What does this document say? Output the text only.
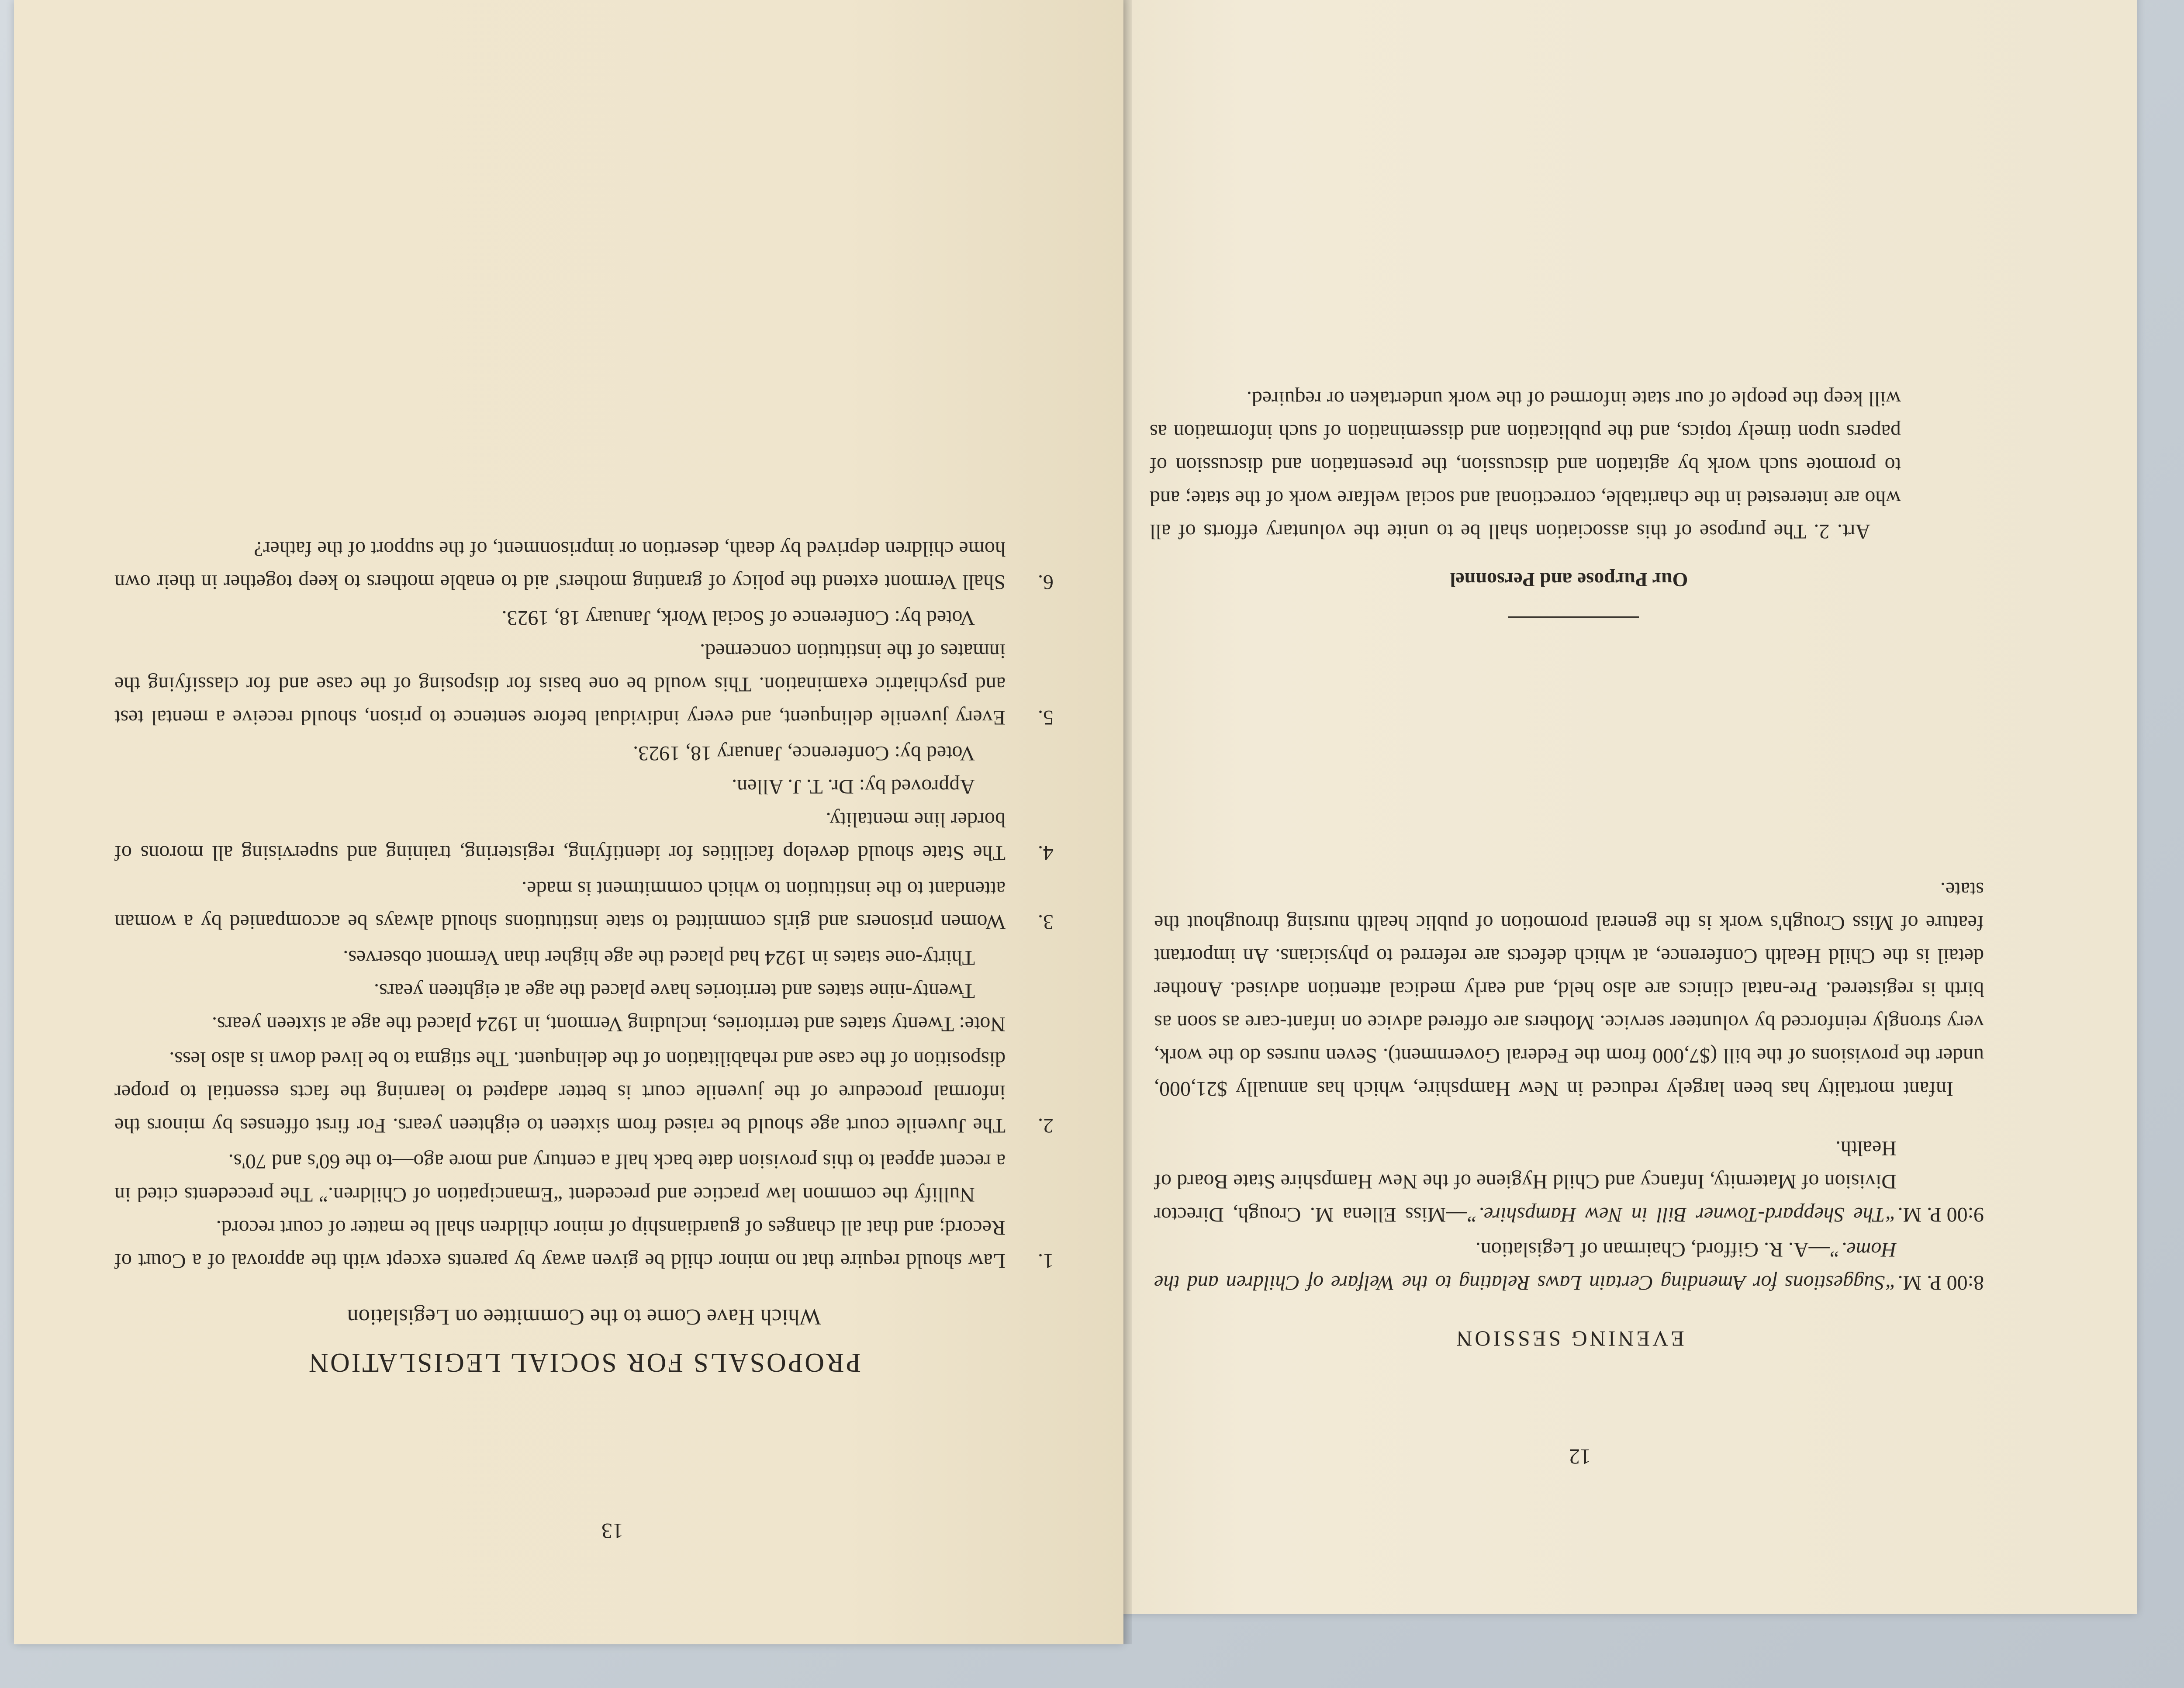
12
EVENING SESSION

8:00 P. M.“Suggestions for Amending Certain Laws Relating to the Welfare of Children and the Home.”—A. R. Gifford, Chairman of Legislation.

9:00 P. M.“The Sheppard-Towner Bill in New Hampshire.”—Miss Ellena M. Crough, Director Division of Maternity, Infancy and Child Hygiene of the New Hampshire State Board of Health.

Infant mortality has been largely reduced in New Hampshire, which has annually $21,000, under the provisions of the bill ($7,000 from the Federal Government). Seven nurses do the work, very strongly reinforced by volunteer service. Mothers are offered advice on infant-care as soon as birth is registered. Pre-natal clinics are also held, and early medical attention advised. Another detail is the Child Health Conference, at which defects are referred to physicians. An important feature of Miss Crough's work is the general promotion of public health nursing throughout the state.

Our Purpose and Personnel

Art. 2. The purpose of this association shall be to unite the voluntary efforts of all who are interested in the charitable, correctional and social welfare work of the state; and to promote such work by agitation and discussion, the presentation and discussion of papers upon timely topics, and the publication and dissemination of such information as will keep the people of our state informed of the work undertaken or required.

13
PROPOSALS FOR SOCIAL LEGISLATION
Which Have Come to the Committee on Legislation
1.

Law should require that no minor child be given away by parents except with the approval of a Court of Record; and that all changes of guardianship of minor children shall be matter of court record.

Nullify the common law practice and precedent “Emancipation of Children.” The precedents cited in a recent appeal to this provision date back half a century and more ago—to the 60's and 70's.

2.

The Juvenile court age should be raised from sixteen to eighteen years. For first offenses by minors the informal procedure of the juvenile court is better adapted to learning the facts essential to proper disposition of the case and rehabilitation of the delinquent. The stigma to be lived down is also less.

Note: Twenty states and territories, including Vermont, in 1924 placed the age at sixteen years.

Twenty-nine states and territories have placed the age at eighteen years.

Thirty-one states in 1924 had placed the age higher than Vermont observes.

3.

Women prisoners and girls committed to state institutions should always be accompanied by a woman attendant to the institution to which commitment is made.

4.

The State should develop facilities for identifying, registering, training and supervising all morons of border line mentality.

Approved by: Dr. T. J. Allen.

Voted by: Conference, January 18, 1923.

5.

Every juvenile delinquent, and every individual before sentence to prison, should receive a mental test and psychiatric examination. This would be one basis for disposing of the case and for classifying the inmates of the institution concerned.

Voted by: Conference of Social Work, January 18, 1923.

6.

Shall Vermont extend the policy of granting mothers' aid to enable mothers to keep together in their own home children deprived by death, desertion or imprisonment, of the support of the father?
